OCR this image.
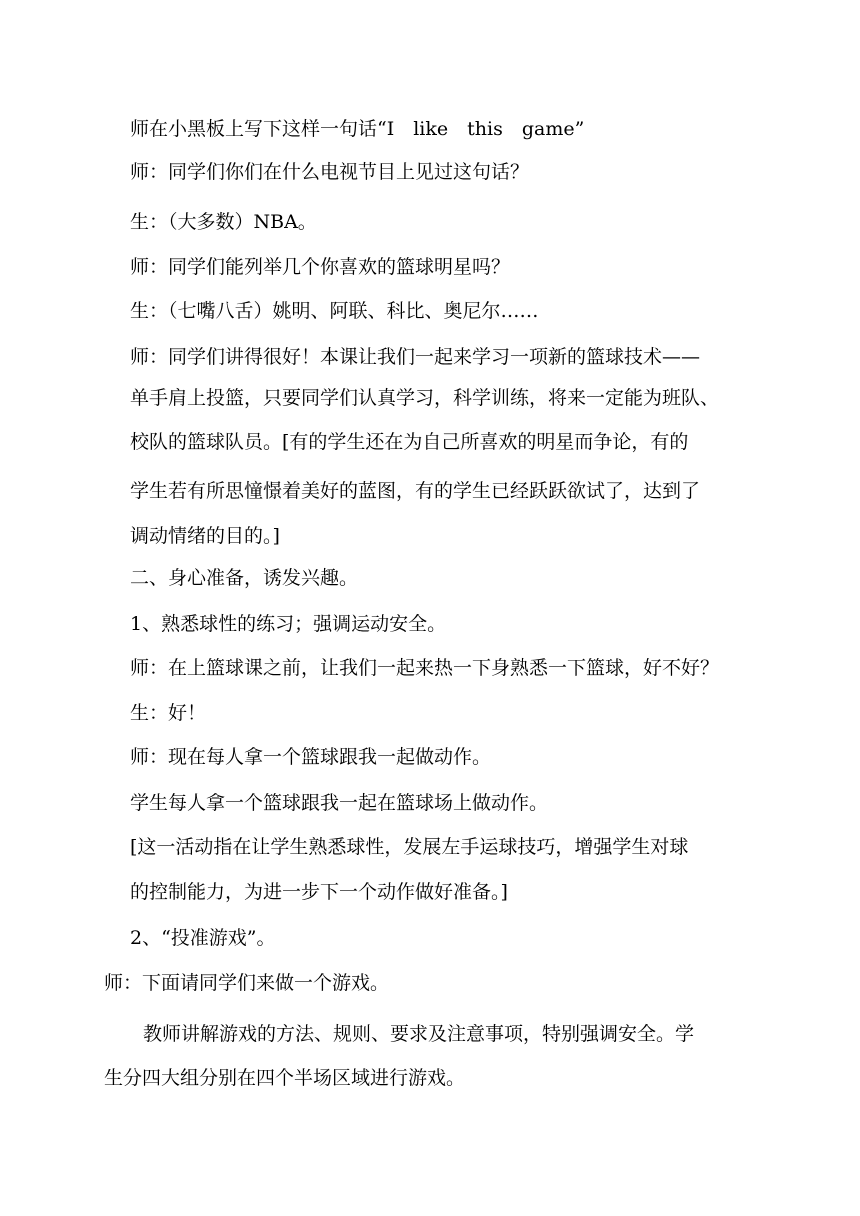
师在小黑板上写下这样一句话“I　like　this　game”
师：同学们你们在什么电视节目上见过这句话？
生：（大多数）NBA。
师：同学们能列举几个你喜欢的篮球明星吗？
生：（七嘴八舌）姚明、阿联、科比、奥尼尔……
师：同学们讲得很好！本课让我们一起来学习一项新的篮球技术——
单手肩上投篮，只要同学们认真学习，科学训练，将来一定能为班队、
校队的篮球队员。[有的学生还在为自己所喜欢的明星而争论，有的
学生若有所思憧憬着美好的蓝图，有的学生已经跃跃欲试了，达到了
调动情绪的目的。]
二、身心准备，诱发兴趣。
1、熟悉球性的练习；强调运动安全。
师：在上篮球课之前，让我们一起来热一下身熟悉一下篮球，好不好？
生：好！
师：现在每人拿一个篮球跟我一起做动作。
学生每人拿一个篮球跟我一起在篮球场上做动作。
[这一活动指在让学生熟悉球性，发展左手运球技巧，增强学生对球
的控制能力，为进一步下一个动作做好准备。]
2、“投准游戏”。
师：下面请同学们来做一个游戏。
教师讲解游戏的方法、规则、要求及注意事项，特别强调安全。学
生分四大组分别在四个半场区域进行游戏。
